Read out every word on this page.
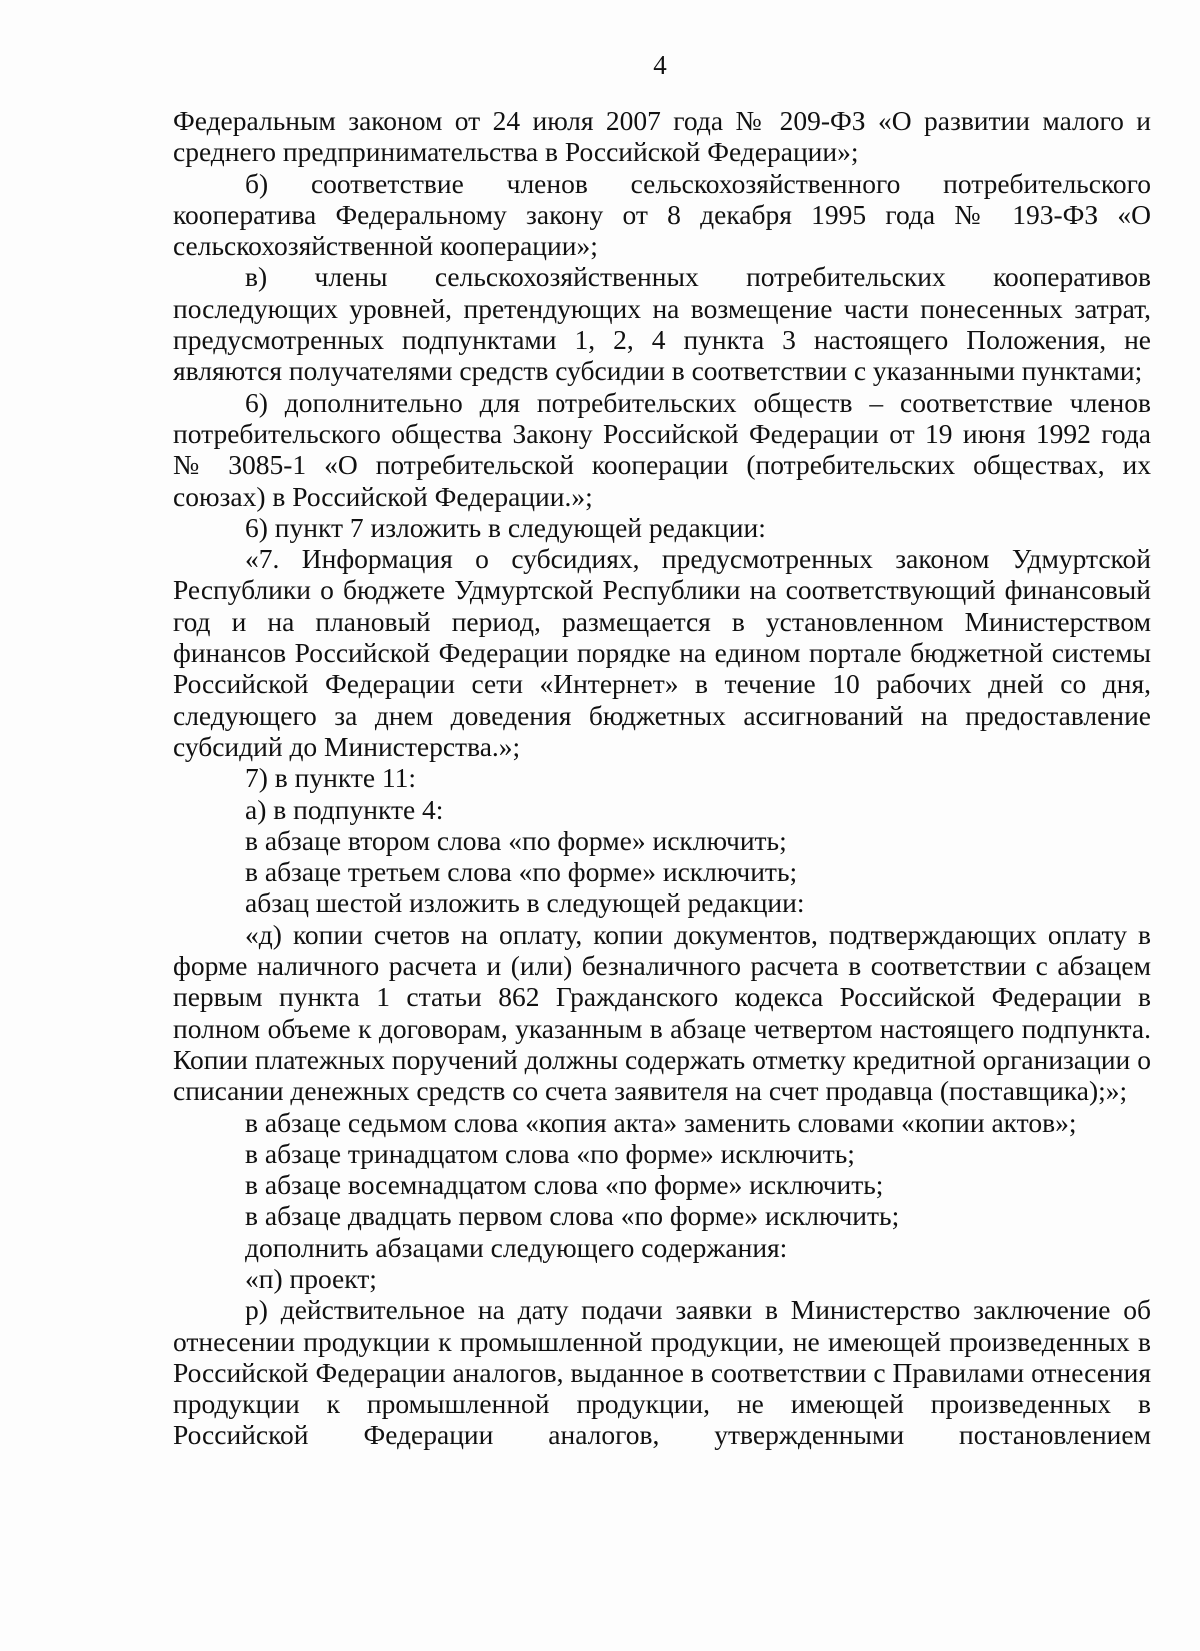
4

Федеральным законом от 24 июля 2007 года № 209-ФЗ «О развитии малого и среднего предпринимательства в Российской Федерации»;

б) соответствие членов сельскохозяйственного потребительского кооператива Федеральному закону от 8 декабря 1995 года № 193-ФЗ «О сельскохозяйственной кооперации»;

в) члены сельскохозяйственных потребительских кооперативов последующих уровней, претендующих на возмещение части понесенных затрат, предусмотренных подпунктами 1, 2, 4 пункта 3 настоящего Положения, не являются получателями средств субсидии в соответствии с указанными пунктами;

6) дополнительно для потребительских обществ – соответствие членов потребительского общества Закону Российской Федерации от 19 июня 1992 года № 3085-1 «О потребительской кооперации (потребительских обществах, их союзах) в Российской Федерации.»;

6) пункт 7 изложить в следующей редакции:

«7. Информация о субсидиях, предусмотренных законом Удмуртской Республики о бюджете Удмуртской Республики на соответствующий финансовый год и на плановый период, размещается в установленном Министерством финансов Российской Федерации порядке на едином портале бюджетной системы Российской Федерации сети «Интернет» в течение 10 рабочих дней со дня, следующего за днем доведения бюджетных ассигнований на предоставление субсидий до Министерства.»;

7) в пункте 11:

а) в подпункте 4:

в абзаце втором слова «по форме» исключить;

в абзаце третьем слова «по форме» исключить;

абзац шестой изложить в следующей редакции:

«д) копии счетов на оплату, копии документов, подтверждающих оплату в форме наличного расчета и (или) безналичного расчета в соответствии с абзацем первым пункта 1 статьи 862 Гражданского кодекса Российской Федерации в полном объеме к договорам, указанным в абзаце четвертом настоящего подпункта. Копии платежных поручений должны содержать отметку кредитной организации о списании денежных средств со счета заявителя на счет продавца (поставщика);»;

в абзаце седьмом слова «копия акта» заменить словами «копии актов»;

в абзаце тринадцатом слова «по форме» исключить;

в абзаце восемнадцатом слова «по форме» исключить;

в абзаце двадцать первом слова «по форме» исключить;

дополнить абзацами следующего содержания:

«п) проект;

р) действительное на дату подачи заявки в Министерство заключение об отнесении продукции к промышленной продукции, не имеющей произведенных в Российской Федерации аналогов, выданное в соответствии с Правилами отнесения продукции к промышленной продукции, не имеющей произведенных в Российской Федерации аналогов, утвержденными постановлением
